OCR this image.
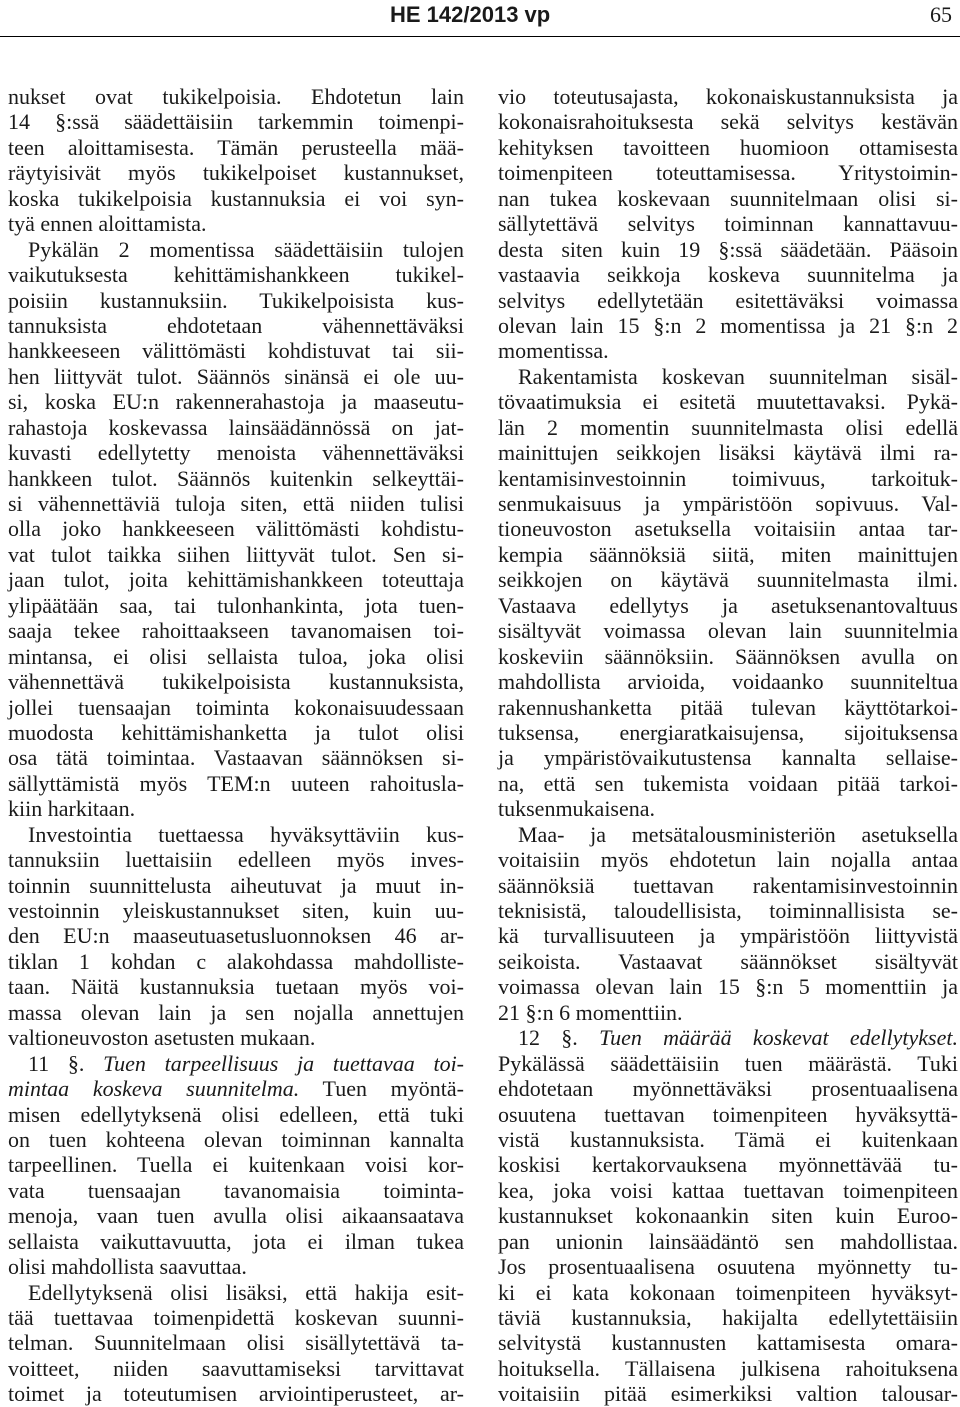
HE 142/2013 vp	65
nukset ovat tukikelpoisia. Ehdotetun lain
14 §:ssä säädettäisiin tarkemmin toimenpi-
teen aloittamisesta. Tämän perusteella mää-
räytyisivät myös tukikelpoiset kustannukset,
koska tukikelpoisia kustannuksia ei voi syn-
tyä ennen aloittamista.
Pykälän 2 momentissa säädettäisiin tulojen
vaikutuksesta kehittämishankkeen tukikel-
poisiin kustannuksiin. Tukikelpoisista kus-
tannuksista ehdotetaan vähennettäväksi
hankkeeseen välittömästi kohdistuvat tai sii-
hen liittyvät tulot. Säännös sinänsä ei ole uu-
si, koska EU:n rakennerahastoja ja maaseutu-
rahastoja koskevassa lainsäädännössä on jat-
kuvasti edellytetty menoista vähennettäväksi
hankkeen tulot. Säännös kuitenkin selkeyttäi-
si vähennettäviä tuloja siten, että niiden tulisi
olla joko hankkeeseen välittömästi kohdistu-
vat tulot taikka siihen liittyvät tulot. Sen si-
jaan tulot, joita kehittämishankkeen toteuttaja
ylipäätään saa, tai tulonhankinta, jota tuen-
saaja tekee rahoittaakseen tavanomaisen toi-
mintansa, ei olisi sellaista tuloa, joka olisi
vähennettävä tukikelpoisista kustannuksista,
jollei tuensaajan toiminta kokonaisuudessaan
muodosta kehittämishanketta ja tulot olisi
osa tätä toimintaa. Vastaavan säännöksen si-
sällyttämistä myös TEM:n uuteen rahoitusla-
kiin harkitaan.
Investointia tuettaessa hyväksyttäviin kus-
tannuksiin luettaisiin edelleen myös inves-
toinnin suunnittelusta aiheutuvat ja muut in-
vestoinnin yleiskustannukset siten, kuin uu-
den EU:n maaseutuasetusluonnoksen 46 ar-
tiklan 1 kohdan c alakohdassa mahdolliste-
taan. Näitä kustannuksia tuetaan myös voi-
massa olevan lain ja sen nojalla annettujen
valtioneuvoston asetusten mukaan.
11 §. Tuen tarpeellisuus ja tuettavaa toi-
mintaa koskeva suunnitelma. Tuen myöntä-
misen edellytyksenä olisi edelleen, että tuki
on tuen kohteena olevan toiminnan kannalta
tarpeellinen. Tuella ei kuitenkaan voisi kor-
vata tuensaajan tavanomaisia toiminta-
menoja, vaan tuen avulla olisi aikaansaatava
sellaista vaikuttavuutta, jota ei ilman tukea
olisi mahdollista saavuttaa.
Edellytyksenä olisi lisäksi, että hakija esit-
tää tuettavaa toimenpidettä koskevan suunni-
telman. Suunnitelmaan olisi sisällytettävä ta-
voitteet, niiden saavuttamiseksi tarvittavat
toimet ja toteutumisen arviointiperusteet, ar-
vio toteutusajasta, kokonaiskustannuksista ja
kokonaisrahoituksesta sekä selvitys kestävän
kehityksen tavoitteen huomioon ottamisesta
toimenpiteen toteuttamisessa. Yritystoimin-
nan tukea koskevaan suunnitelmaan olisi si-
sällytettävä selvitys toiminnan kannattavuu-
desta siten kuin 19 §:ssä säädetään. Pääsoin
vastaavia seikkoja koskeva suunnitelma ja
selvitys edellytetään esitettäväksi voimassa
olevan lain 15 §:n 2 momentissa ja 21 §:n 2
momentissa.
Rakentamista koskevan suunnitelman sisäl-
tövaatimuksia ei esitetä muutettavaksi. Pykä-
län 2 momentin suunnitelmasta olisi edellä
mainittujen seikkojen lisäksi käytävä ilmi ra-
kentamisinvestoinnin toimivuus, tarkoituk-
senmukaisuus ja ympäristöön sopivuus. Val-
tioneuvoston asetuksella voitaisiin antaa tar-
kempia säännöksiä siitä, miten mainittujen
seikkojen on käytävä suunnitelmasta ilmi.
Vastaava edellytys ja asetuksenantovaltuus
sisältyvät voimassa olevan lain suunnitelmia
koskeviin säännöksiin. Säännöksen avulla on
mahdollista arvioida, voidaanko suunniteltua
rakennushanketta pitää tulevan käyttötarkoi-
tuksensa, energiaratkaisujensa, sijoituksensa
ja ympäristövaikutustensa kannalta sellaise-
na, että sen tukemista voidaan pitää tarkoi-
tuksenmukaisena.
Maa- ja metsätalousministeriön asetuksella
voitaisiin myös ehdotetun lain nojalla antaa
säännöksiä tuettavan rakentamisinvestoinnin
teknisistä, taloudellisista, toiminnallisista se-
kä turvallisuuteen ja ympäristöön liittyvistä
seikoista. Vastaavat säännökset sisältyvät
voimassa olevan lain 15 §:n 5 momenttiin ja
21 §:n 6 momenttiin.
12 §. Tuen määrää koskevat edellytykset.
Pykälässä säädettäisiin tuen määrästä. Tuki
ehdotetaan myönnettäväksi prosentuaalisena
osuutena tuettavan toimenpiteen hyväksyttä-
vistä kustannuksista. Tämä ei kuitenkaan
koskisi kertakorvauksena myönnettävää tu-
kea, joka voisi kattaa tuettavan toimenpiteen
kustannukset kokonaankin siten kuin Euroo-
pan unionin lainsäädäntö sen mahdollistaa.
Jos prosentuaalisena osuutena myönnetty tu-
ki ei kata kokonaan toimenpiteen hyväksyt-
täviä kustannuksia, hakijalta edellytettäisiin
selvitystä kustannusten kattamisesta omara-
hoituksella. Tällaisena julkisena rahoituksena
voitaisiin pitää esimerkiksi valtion talousar-
